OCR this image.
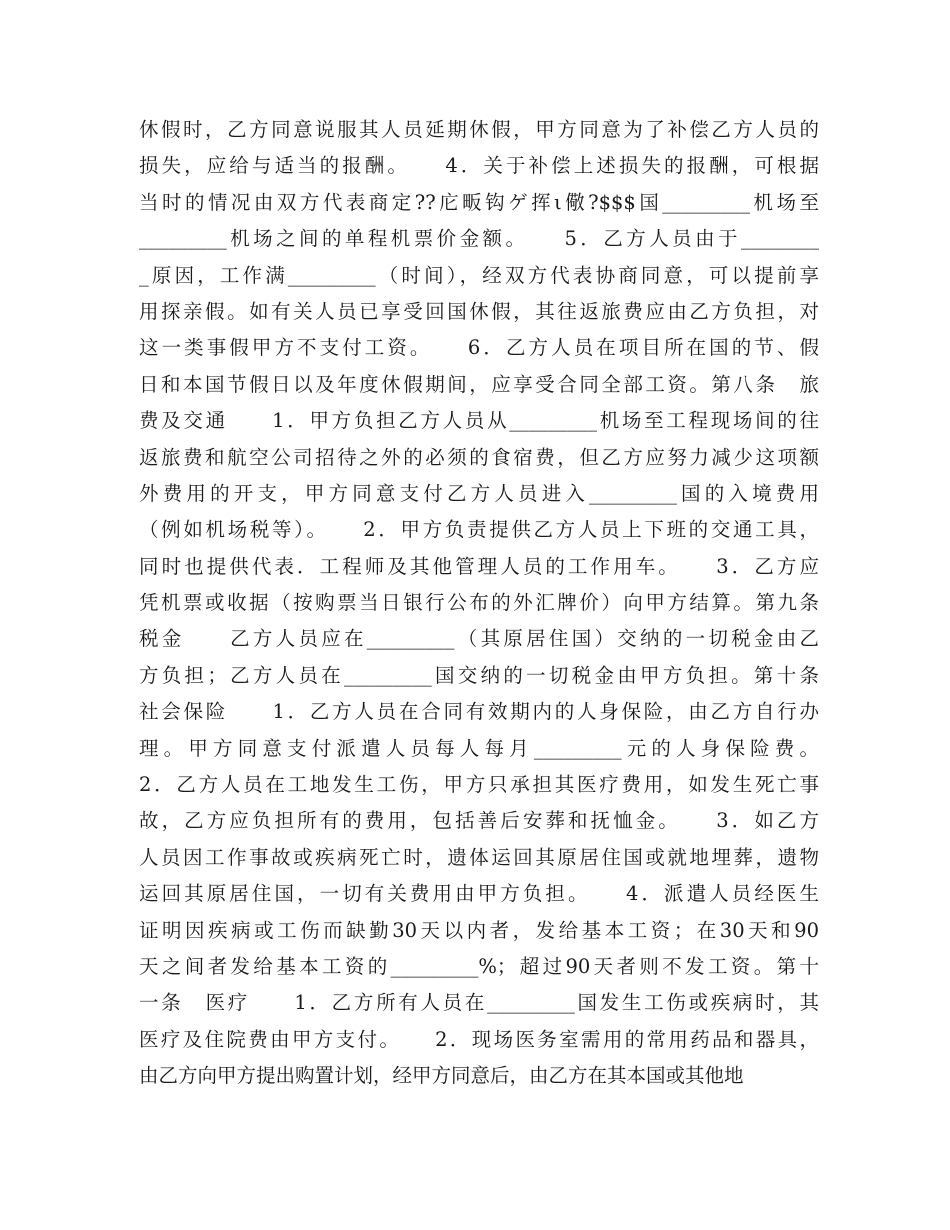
休假时，乙方同意说服其人员延期休假，甲方同意为了补偿乙方人员的
损失，应给与适当的报酬。　　4．关于补偿上述损失的报酬，可根据
当时的情况由双方代表商定??庀畈钩ゲ挥ι儆?$$$国_________机场至
_________机场之间的单程机票价金额。　　5．乙方人员由于________
_原因，工作满_________（时间），经双方代表协商同意，可以提前享
用探亲假。如有关人员已享受回国休假，其往返旅费应由乙方负担，对
这一类事假甲方不支付工资。　　6．乙方人员在项目所在国的节、假
日和本国节假日以及年度休假期间，应享受合同全部工资。第八条　旅
费及交通　　1．甲方负担乙方人员从_________机场至工程现场间的往
返旅费和航空公司招待之外的必须的食宿费，但乙方应努力减少这项额
外费用的开支，甲方同意支付乙方人员进入_________国的入境费用
（例如机场税等）。　　2．甲方负责提供乙方人员上下班的交通工具，
同时也提供代表．工程师及其他管理人员的工作用车。　　3．乙方应
凭机票或收据（按购票当日银行公布的外汇牌价）向甲方结算。第九条
税金　　乙方人员应在_________（其原居住国）交纳的一切税金由乙
方负担；乙方人员在_________国交纳的一切税金由甲方负担。第十条
社会保险　　1．乙方人员在合同有效期内的人身保险，由乙方自行办
理。甲方同意支付派遣人员每人每月_________元的人身保险费。
2．乙方人员在工地发生工伤，甲方只承担其医疗费用，如发生死亡事
故，乙方应负担所有的费用，包括善后安葬和抚恤金。　　3．如乙方
人员因工作事故或疾病死亡时，遗体运回其原居住国或就地埋葬，遗物
运回其原居住国，一切有关费用由甲方负担。　　4．派遣人员经医生
证明因疾病或工伤而缺勤30天以内者，发给基本工资；在30天和90
天之间者发给基本工资的_________%；超过90天者则不发工资。第十
一条　医疗　　1．乙方所有人员在_________国发生工伤或疾病时，其
医疗及住院费由甲方支付。　　2．现场医务室需用的常用药品和器具，
由乙方向甲方提出购置计划，经甲方同意后，由乙方在其本国或其他地
